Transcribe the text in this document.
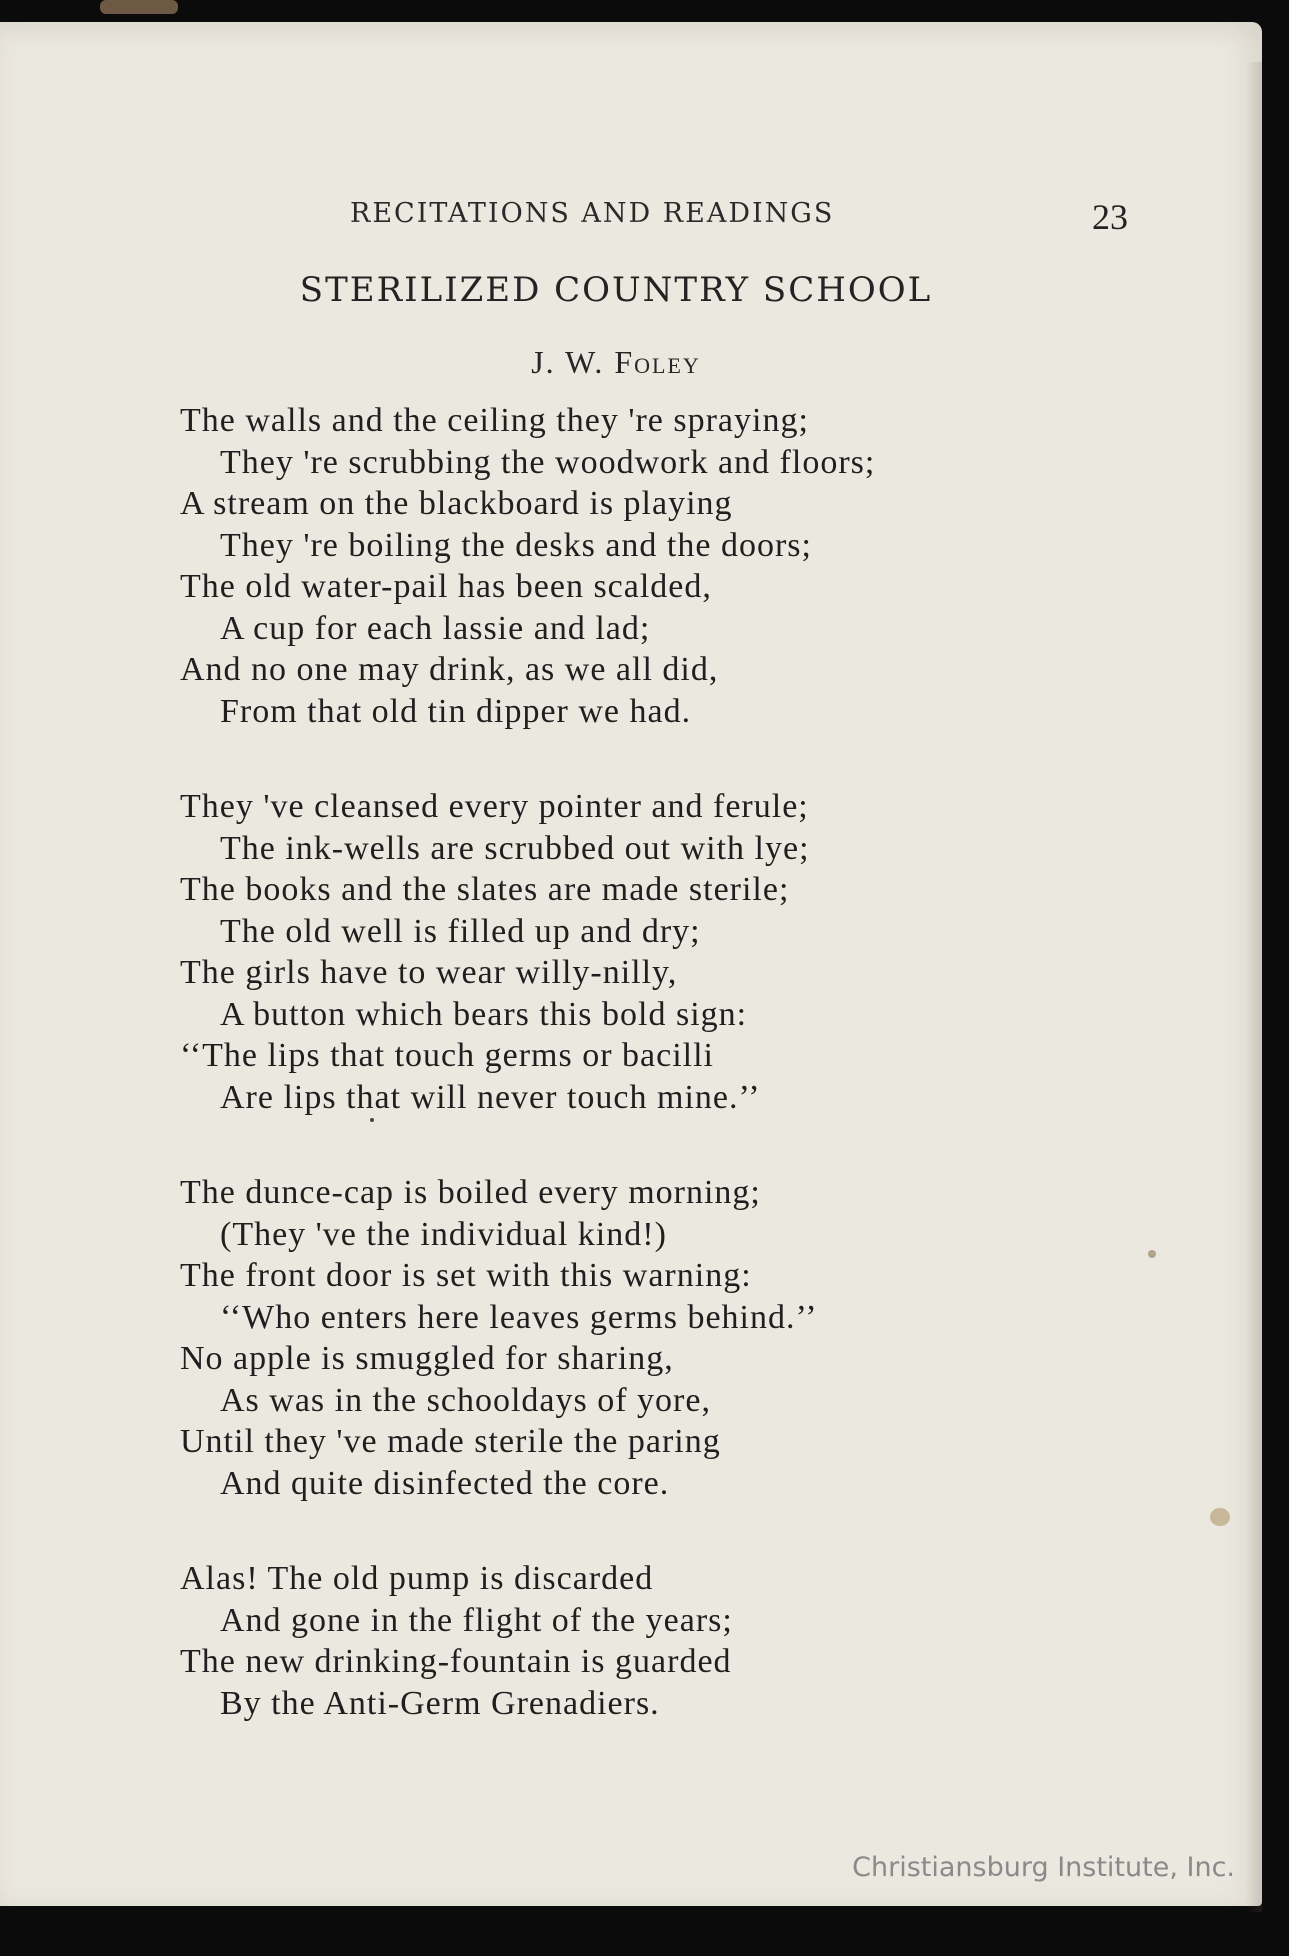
RECITATIONS AND READINGS	23
STERILIZED COUNTRY SCHOOL
J. W. Foley
The walls and the ceiling they 're spraying;
They 're scrubbing the woodwork and floors;
A stream on the blackboard is playing
They 're boiling the desks and the doors;
The old water-pail has been scalded,
A cup for each lassie and lad;
And no one may drink, as we all did,
From that old tin dipper we had.
They 've cleansed every pointer and ferule;
The ink-wells are scrubbed out with lye;
The books and the slates are made sterile;
The old well is filled up and dry;
The girls have to wear willy-nilly,
A button which bears this bold sign:
‘‘The lips that touch germs or bacilli
Are lips that will never touch mine.’’
The dunce-cap is boiled every morning;
(They 've the individual kind!)
The front door is set with this warning:
‘‘Who enters here leaves germs behind.’’
No apple is smuggled for sharing,
As was in the schooldays of yore,
Until they 've made sterile the paring
And quite disinfected the core.
Alas! The old pump is discarded
And gone in the flight of the years;
The new drinking-fountain is guarded
By the Anti-Germ Grenadiers.
Christiansburg Institute, Inc.
